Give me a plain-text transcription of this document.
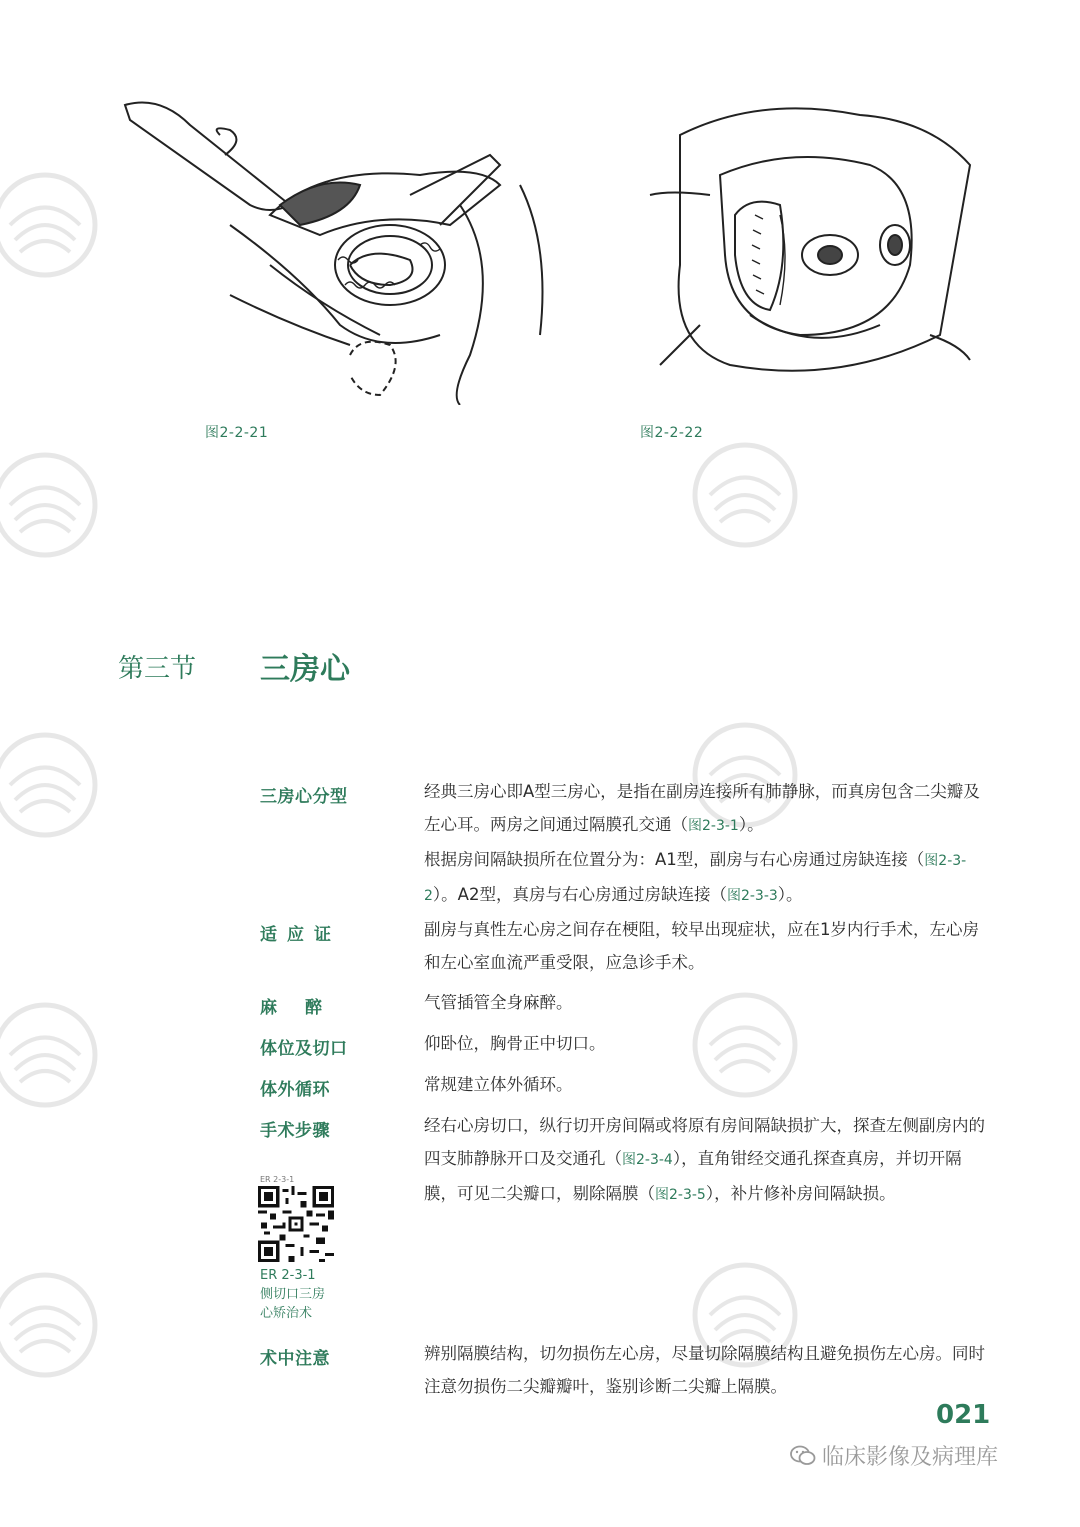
图2-2-21	图2-2-22
第三节 三房心
三房心分型	经典三房心即A型三房心，是指在副房连接所有肺静脉，而真房包含二尖瓣及左心耳。两房之间通过隔膜孔交通（图2-3-1）。

根据房间隔缺损所在位置分为：A1型，副房与右心房通过房缺连接（图2-3-2）。A2型，真房与右心房通过房缺连接（图2-3-3）。

适应证	副房与真性左心房之间存在梗阻，较早出现症状，应在1岁内行手术，左心房和左心室血流严重受限，应急诊手术。
麻醉	气管插管全身麻醉。
体位及切口	仰卧位，胸骨正中切口。
体外循环	常规建立体外循环。
手术步骤	经右心房切口，纵行切开房间隔或将原有房间隔缺损扩大，探查左侧副房内的四支肺静脉开口及交通孔（图2-3-4），直角钳经交通孔探查真房，并切开隔膜，可见二尖瓣口，剔除隔膜（图2-3-5），补片修补房间隔缺损。

ER 2-3-1
ER 2-3-1
侧切口三房
心矫治术
术中注意	辨别隔膜结构，切勿损伤左心房，尽量切除隔膜结构且避免损伤左心房。同时注意勿损伤二尖瓣瓣叶，鉴别诊断二尖瓣上隔膜。
021
临床影像及病理库
